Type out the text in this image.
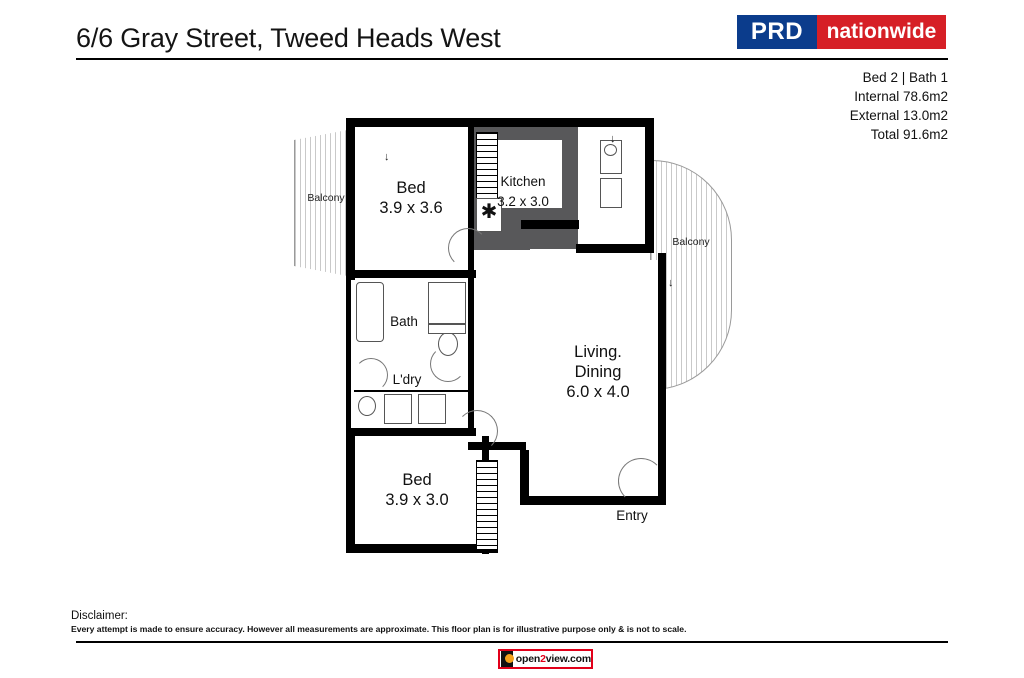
6/6 Gray Street, Tweed Heads West	PRD	nationwide
Bed 2 | Bath 1
Internal 78.6m2
External 13.0m2
Total 91.6m2
Balcony
Balcony
✱
↓
↓
↓
Bed
3.9 x 3.6
Bed
3.9 x 3.0
Kitchen
3.2 x 3.0
Living.
Dining
6.0 x 4.0
Bath
L'dry
Entry
Disclaimer:
Every attempt is made to ensure accuracy. However all measurements are approximate. This floor plan is for illustrative purpose only & is not to scale.
open2view.com
